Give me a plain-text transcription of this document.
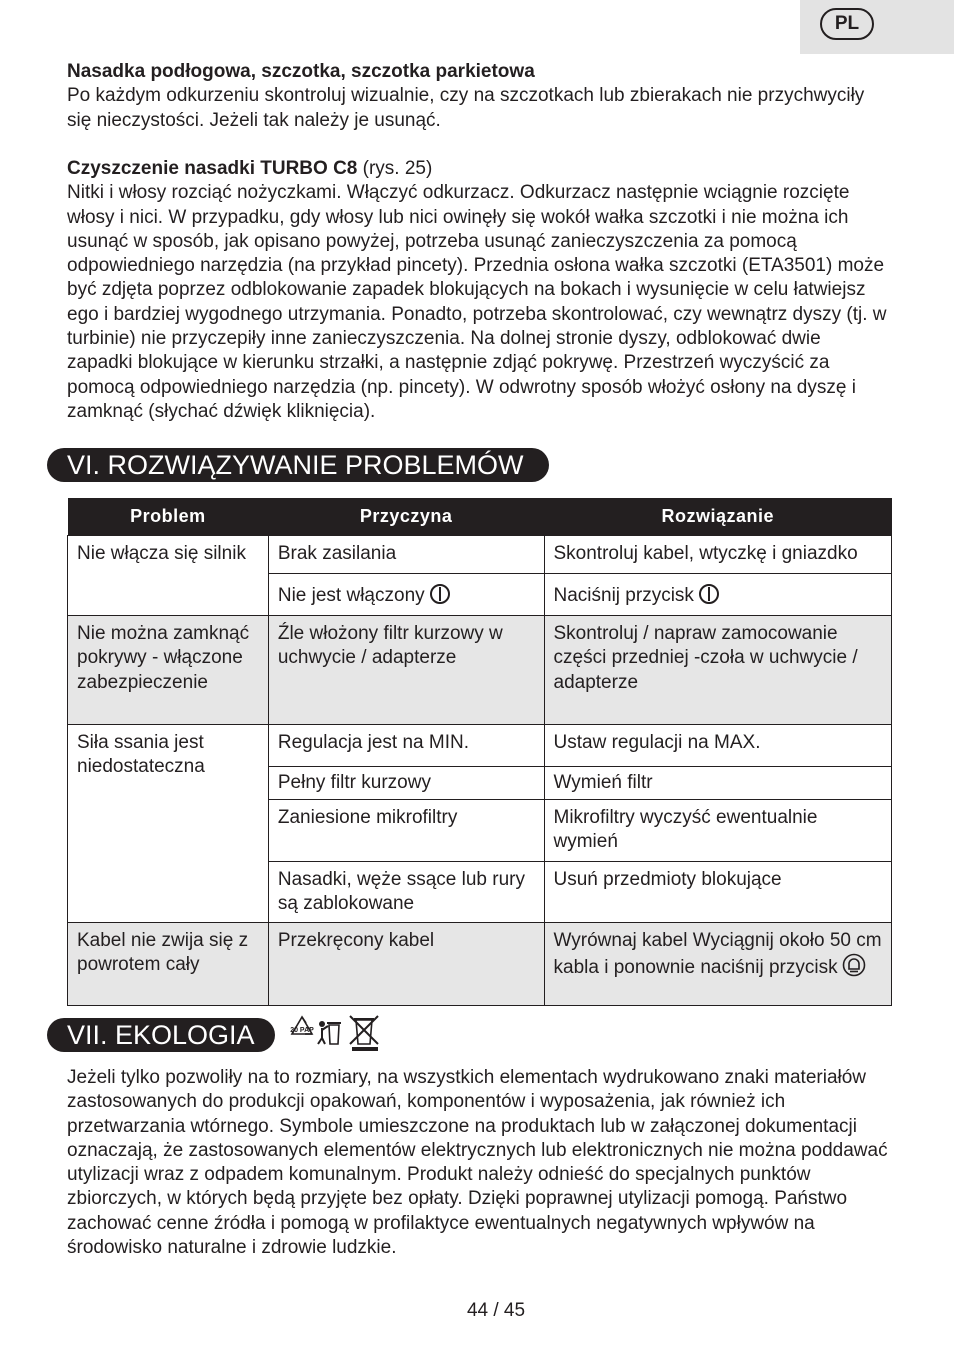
PL

Nasadka podłogowa, szczotka, szczotka parkietowa

Po każdym odkurzeniu skontroluj wizualnie, czy na szczotkach lub zbierakach nie przychwyciły się nieczystości. Jeżeli tak należy je usunąć.

Czyszczenie nasadki TURBO C8 (rys. 25)

Nitki i włosy rozciąć nożyczkami. Włączyć odkurzacz. Odkurzacz następnie wciągnie rozcięte włosy i nici. W przypadku, gdy włosy lub nici owinęły się wokół wałka szczotki i nie można ich usunąć w sposób, jak opisano powyżej, potrzeba usunąć zanieczyszczenia za pomocą odpowiedniego narzędzia (na przykład pincety). Przednia osłona wałka szczotki (ETA3501) może być zdjęta poprzez odblokowanie zapadek blokujących na bokach i wysunięcie w celu łatwiejsz ego i bardziej wygodnego utrzymania. Ponadto, potrzeba skontrolować, czy wewnątrz dyszy (tj. w turbinie) nie przyczepiły inne zanieczyszczenia. Na dolnej stronie dyszy, odblokować dwie zapadki blokujące w kierunku strzałki, a następnie zdjąć pokrywę. Przestrzeń wyczyścić za pomocą odpowiedniego narzędzia (np. pincety). W odwrotny sposób włożyć osłony na dyszę i zamknąć (słychać dźwięk kliknięcia).

VI. ROZWIĄZYWANIE PROBLEMÓW
Problem	Przyczyna	Rozwiązanie
Nie włącza się silnik	Brak zasilania	Skontroluj kabel, wtyczkę i gniazdko
	Nie jest włączony	Naciśnij przycisk
Nie można zamknąć pokrywy - włączone zabezpieczenie	Źle włożony filtr kurzowy w uchwycie / adapterze	Skontroluj / napraw zamocowanie części przedniej -czoła w uchwycie / adapterze
Siła ssania jest niedostateczna	Regulacja jest na MIN.	Ustaw regulacji na MAX.
	Pełny filtr kurzowy	Wymień filtr
	Zaniesione mikrofiltry	Mikrofiltry wyczyść ewentualnie wymień
	Nasadki, węże ssące lub rury są zablokowane	Usuń przedmioty blokujące
Kabel nie zwija się z powrotem cały	Przekręcony kabel	Wyrównaj kabel Wyciągnij około 50 cm kabla i ponownie naciśnij przycisk
VII. EKOLOGIA	20 PAP

Jeżeli tylko pozwoliły na to rozmiary, na wszystkich elementach wydrukowano znaki materiałów zastosowanych do produkcji opakowań, komponentów i wyposażenia, jak również ich przetwarzania wtórnego. Symbole umieszczone na produktach lub w załączonej dokumentacji oznaczają, że zastosowanych elementów elektrycznych lub elektronicznych nie można poddawać utylizacji wraz z odpadem komunalnym. Produkt należy odnieść do specjalnych punktów zbiorczych, w których będą przyjęte bez opłaty. Dzięki poprawnej utylizacji pomogą. Państwo zachować cenne źródła i pomogą w profilaktyce ewentualnych negatywnych wpływów na środowisko naturalne i zdrowie ludzkie.

44 / 45
